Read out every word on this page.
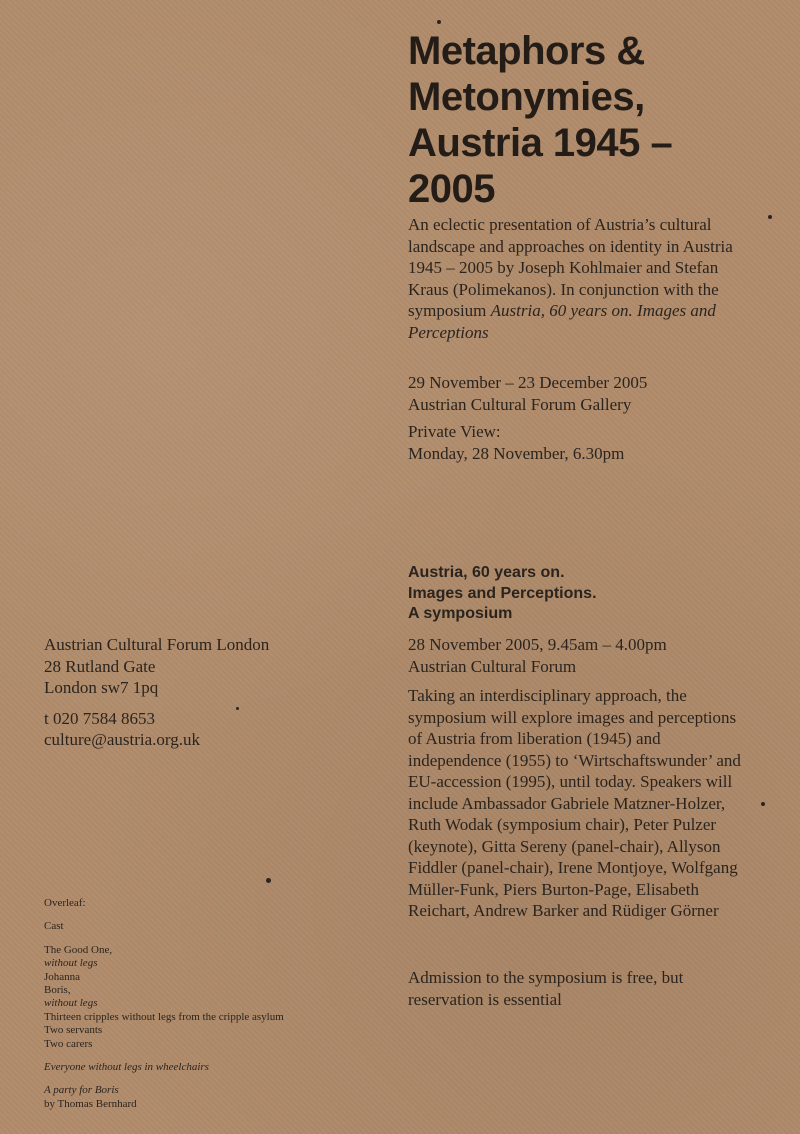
Metaphors &
Metonymies,
Austria 1945 –
2005

An eclectic presentation of Austria’s cultural landscape and approaches on identity in Austria 1945 – 2005 by Joseph Kohlmaier and Stefan Kraus (Polimekanos). In conjunction with the symposium Austria, 60 years on. Images and Perceptions

29 November – 23 December 2005

Austrian Cultural Forum Gallery

Private View:

Monday, 28 November, 6.30pm

Austria, 60 years on.
Images and Perceptions.
A symposium

28 November 2005, 9.45am – 4.00pm

Austrian Cultural Forum

Taking an interdisciplinary approach, the symposium will explore images and perceptions of Austria from liberation (1945) and independence (1955) to ‘Wirtschaftswunder’ and EU-accession (1995), until today. Speakers will include Ambassador Gabriele Matzner-Holzer, Ruth Wodak (symposium chair), Peter Pulzer (keynote), Gitta Sereny (panel-chair), Allyson Fiddler (panel-chair), Irene Montjoye, Wolfgang Müller-Funk, Piers Burton-Page, Elisabeth Reichart, Andrew Barker and Rüdiger Görner

Admission to the symposium is free, but reservation is essential

Austrian Cultural Forum London
28 Rutland Gate
London sw7 1pq
t 020 7584 8653
culture@austria.org.uk
Overleaf:
Cast
The Good One,
without legs
Johanna
Boris,
without legs
Thirteen cripples without legs from the cripple asylum
Two servants
Two carers
Everyone without legs in wheelchairs
A party for Boris
by Thomas Bernhard
